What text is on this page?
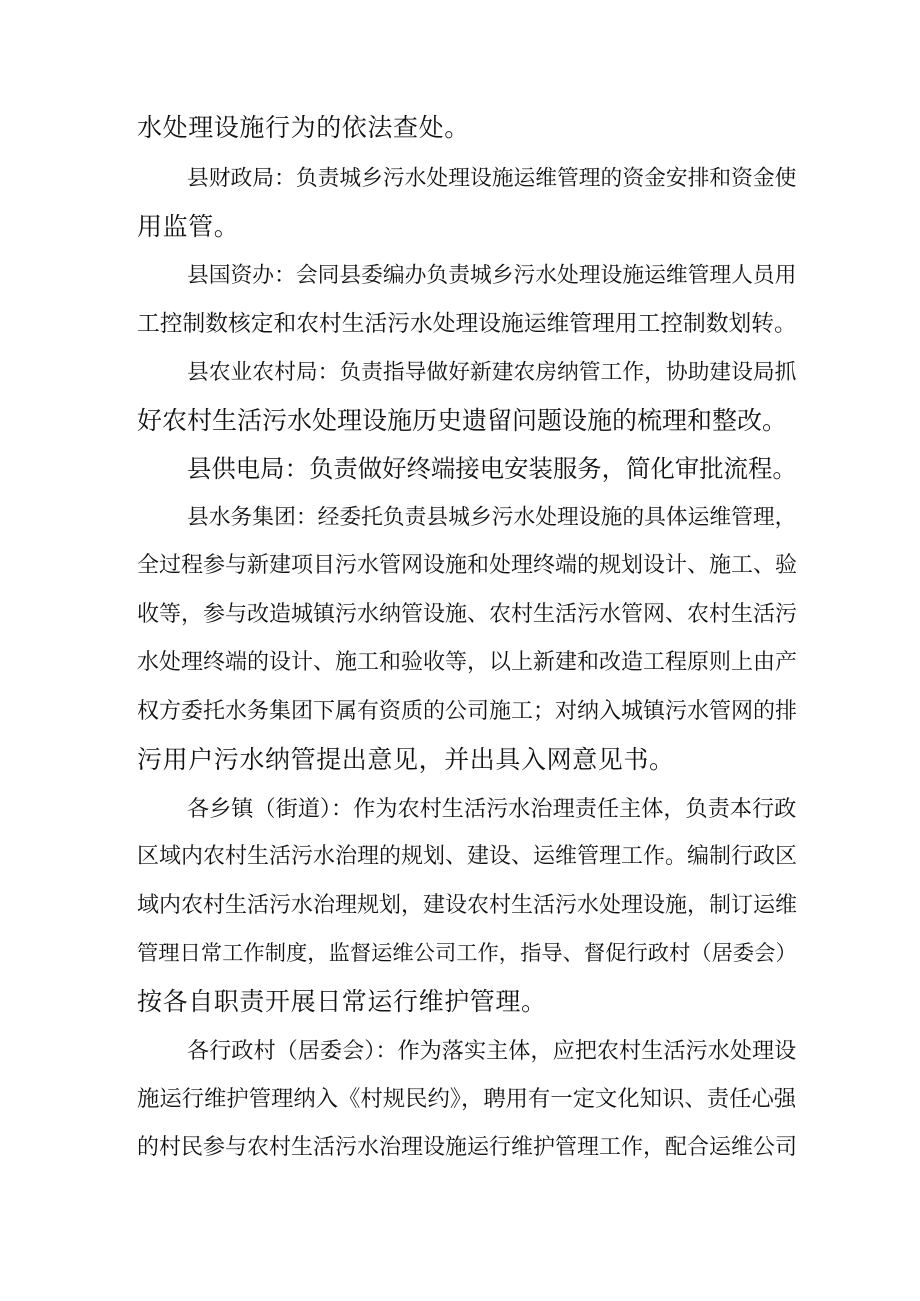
水处理设施行为的依法查处。
县财政局：负责城乡污水处理设施运维管理的资金安排和资金使
用监管。
县国资办：会同县委编办负责城乡污水处理设施运维管理人员用
工控制数核定和农村生活污水处理设施运维管理用工控制数划转。
县农业农村局：负责指导做好新建农房纳管工作，协助建设局抓
好农村生活污水处理设施历史遗留问题设施的梳理和整改。
县供电局：负责做好终端接电安装服务，简化审批流程。
县水务集团：经委托负责县城乡污水处理设施的具体运维管理，
全过程参与新建项目污水管网设施和处理终端的规划设计、施工、验
收等，参与改造城镇污水纳管设施、农村生活污水管网、农村生活污
水处理终端的设计、施工和验收等，以上新建和改造工程原则上由产
权方委托水务集团下属有资质的公司施工；对纳入城镇污水管网的排
污用户污水纳管提出意见，并出具入网意见书。
各乡镇（街道）：作为农村生活污水治理责任主体，负责本行政
区域内农村生活污水治理的规划、建设、运维管理工作。编制行政区
域内农村生活污水治理规划，建设农村生活污水处理设施，制订运维
管理日常工作制度，监督运维公司工作，指导、督促行政村（居委会）
按各自职责开展日常运行维护管理。
各行政村（居委会）：作为落实主体，应把农村生活污水处理设
施运行维护管理纳入《村规民约》，聘用有一定文化知识、责任心强
的村民参与农村生活污水治理设施运行维护管理工作，配合运维公司
